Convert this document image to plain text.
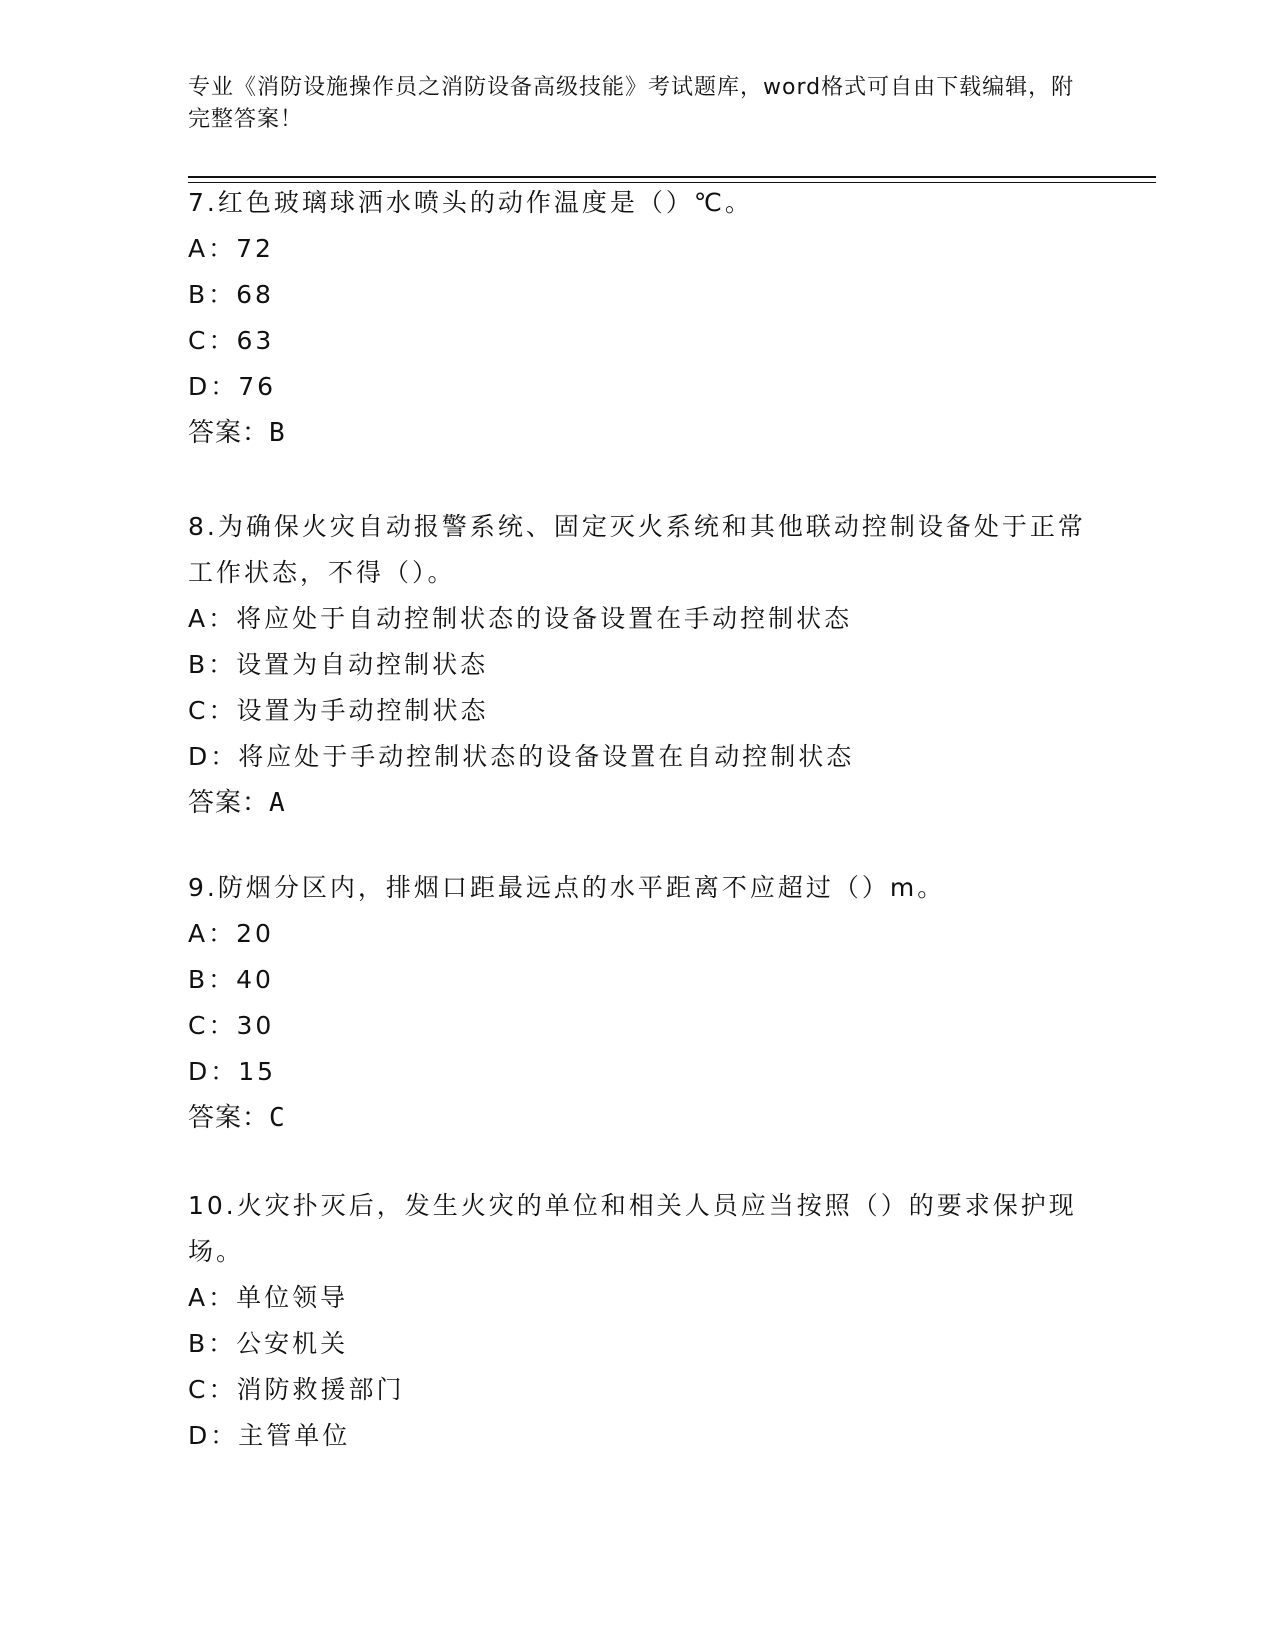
专业《消防设施操作员之消防设备高级技能》考试题库，word格式可自由下载编辑，附完整答案！
7.红色玻璃球洒水喷头的动作温度是（）℃。
A：72
B：68
C：63
D：76
答案：B
8.为确保火灾自动报警系统、固定灭火系统和其他联动控制设备处于正常工作状态，不得（）。
A：将应处于自动控制状态的设备设置在手动控制状态
B：设置为自动控制状态
C：设置为手动控制状态
D：将应处于手动控制状态的设备设置在自动控制状态
答案：A
9.防烟分区内，排烟口距最远点的水平距离不应超过（）m。
A：20
B：40
C：30
D：15
答案：C
10.火灾扑灭后，发生火灾的单位和相关人员应当按照（）的要求保护现场。
A：单位领导
B：公安机关
C：消防救援部门
D：主管单位
